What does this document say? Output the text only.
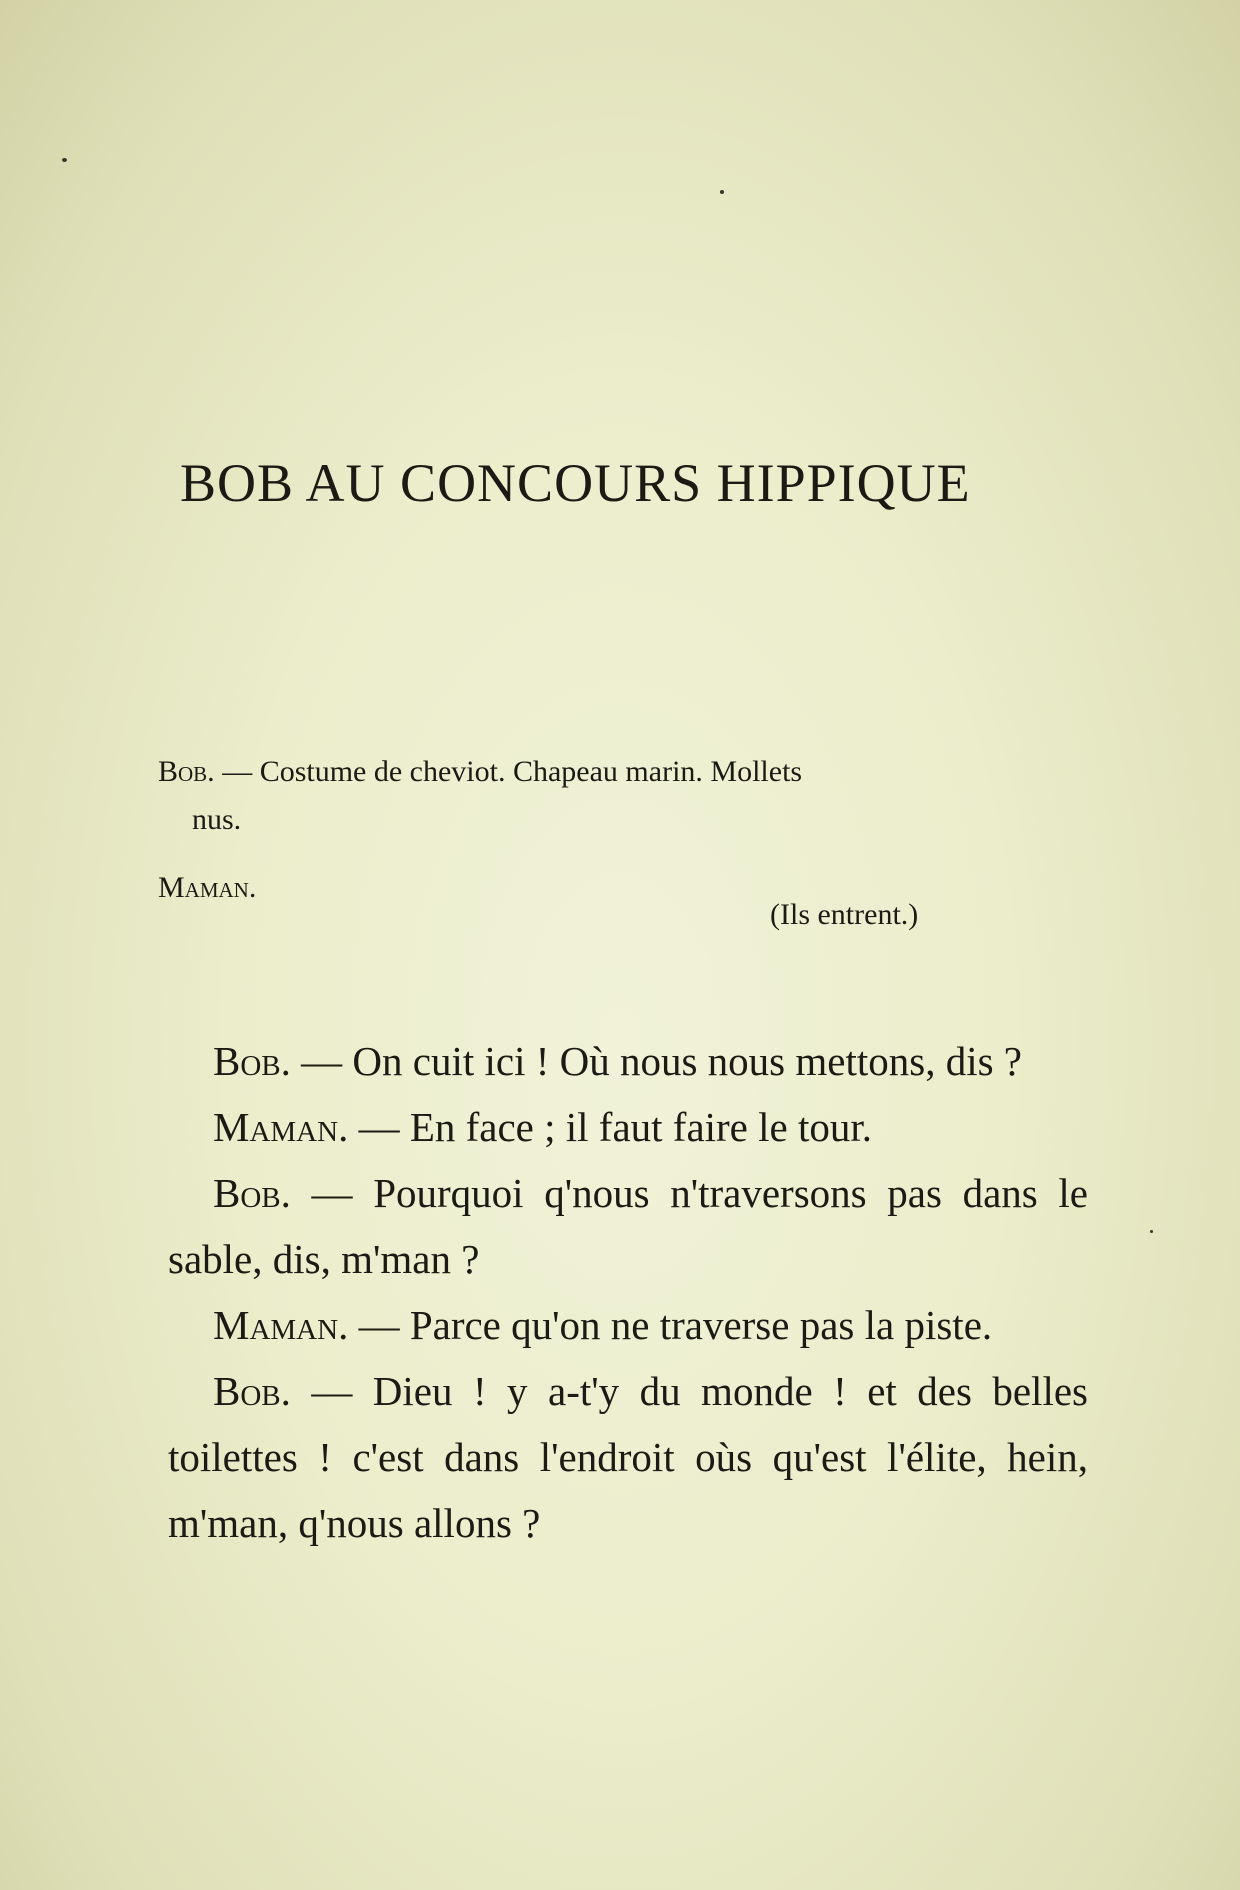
BOB AU CONCOURS HIPPIQUE
Bob. — Costume de cheviot. Chapeau marin. Mollets
nus.
Maman.
(Ils entrent.)

Bob. — On cuit ici ! Où nous nous mettons, dis ?

Maman. — En face ; il faut faire le tour.

Bob. — Pourquoi q'nous n'traversons pas dans le sable, dis, m'man ?

Maman. — Parce qu'on ne traverse pas la piste.

Bob. — Dieu ! y a-t'y du monde ! et des belles toilettes ! c'est dans l'endroit oùs qu'est l'élite, hein, m'man, q'nous allons ?
